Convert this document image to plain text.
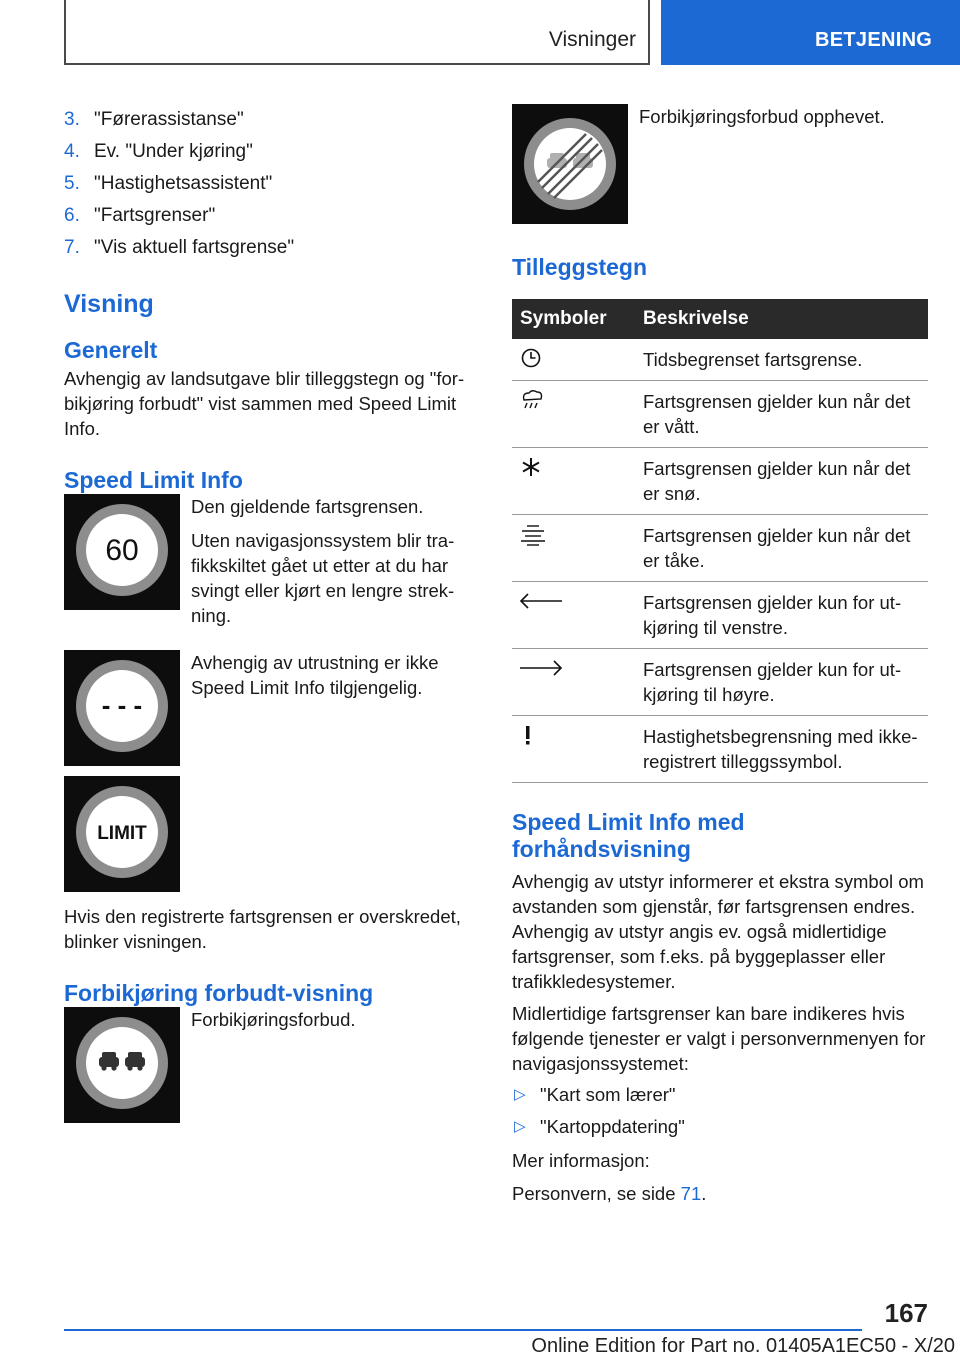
Visninger	BETJENING
3. "Førerassistanse"
4. Ev. "Under kjøring"
5. "Hastighetsassistent"
6. "Fartsgrenser"
7. "Vis aktuell fartsgrense"
Visning
Generelt

Avhengig av landsutgave blir tilleggstegn og "forbikjøring forbudt" vist sammen med Speed Limit Info.

Speed Limit Info
60

Den gjeldende fartsgrensen.

Uten navigasjonssystem blir trafikkskiltet gået ut etter at du har svingt eller kjørt en lengre strekning.

- - -

Avhengig av utrustning er ikke Speed Limit Info tilgjengelig.

LIMIT

Hvis den registrerte fartsgrensen er overskredet, blinker visningen.

Forbikjøring forbudt-visning

Forbikjøringsforbud.

Forbikjøringsforbud opphevet.

Tilleggstegn
Symboler	Beskrivelse

	Tidsbegrenset fartsgrense.

	Fartsgrensen gjelder kun når det er vått.

	Fartsgrensen gjelder kun når det er snø.

	Fartsgrensen gjelder kun når det er tåke.

	Fartsgrensen gjelder kun for utkjøring til venstre.

	Fartsgrensen gjelder kun for utkjøring til høyre.

	Hastighetsbegrensning med ikke-registrert tilleggssymbol.
Speed Limit Info med forhåndsvisning

Avhengig av utstyr informerer et ekstra symbol om avstanden som gjenstår, før fartsgrensen endres. Avhengig av utstyr angis ev. også midlertidige fartsgrenser, som f.eks. på byggeplasser eller trafikkledesystemer.

Midlertidige fartsgrenser kan bare indikeres hvis følgende tjenester er valgt i personvernmenyen for navigasjonssystemet:

▷ "Kart som lærer"
▷ "Kartoppdatering"

Mer informasjon:

Personvern, se side 71.

167
Online Edition for Part no. 01405A1EC50 - X/20
